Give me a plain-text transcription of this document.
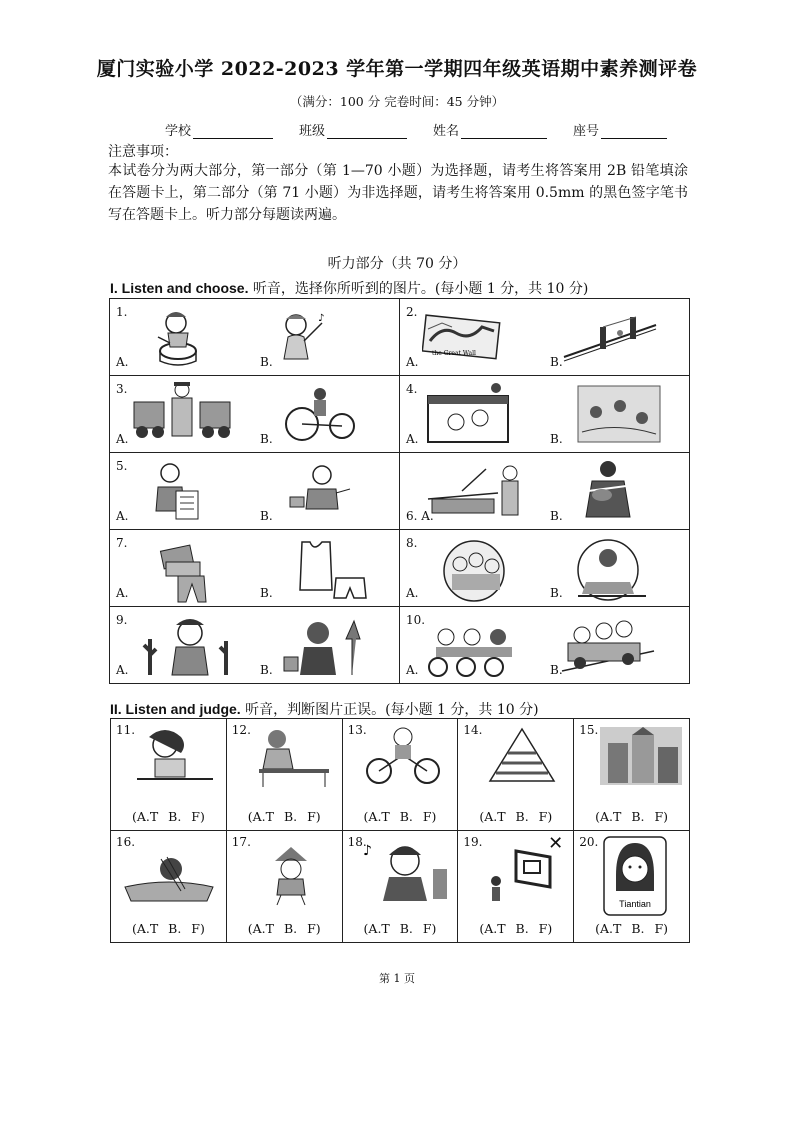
厦门实验小学 2022-2023 学年第一学期四年级英语期中素养测评卷
（满分：100 分 完卷时间：45 分钟）
学校	班级	姓名	座号
注意事项：
本试卷分为两大部分，第一部分（第 1—70 小题）为选择题，请考生将答案用 2B 铅笔填涂在答题卡上，第二部分（第 71 小题）为非选择题，请考生将答案用 0.5mm 的黑色签字笔书写在答题卡上。听力部分每题读两遍。
听力部分（共 70 分）
I. Listen and choose. 听音，选择你所听到的图片。(每小题 1 分，共 10 分)
1.
A.
♪
B.	2.
the Great Wall
A. B.

3.
A. B.	4.
A. B.

5.
A. B.	6. A. B.

7.
A. B.	8.
A. B.

9.
A. B.	10.
A. B.
II. Listen and judge. 听音，判断图片正误。(每小题 1 分，共 10 分)
11.
(A.T B. F)	12.
(A.T B. F)	13.
(A.T B. F)	14.
(A.T B. F)	15.
(A.T B. F)

16.
(A.T B. F)	17.
(A.T B. F)	18.
♪
(A.T B. F)	19. ✕
(A.T B. F)	20.
Tiantian
(A.T B. F)
第 1 页
